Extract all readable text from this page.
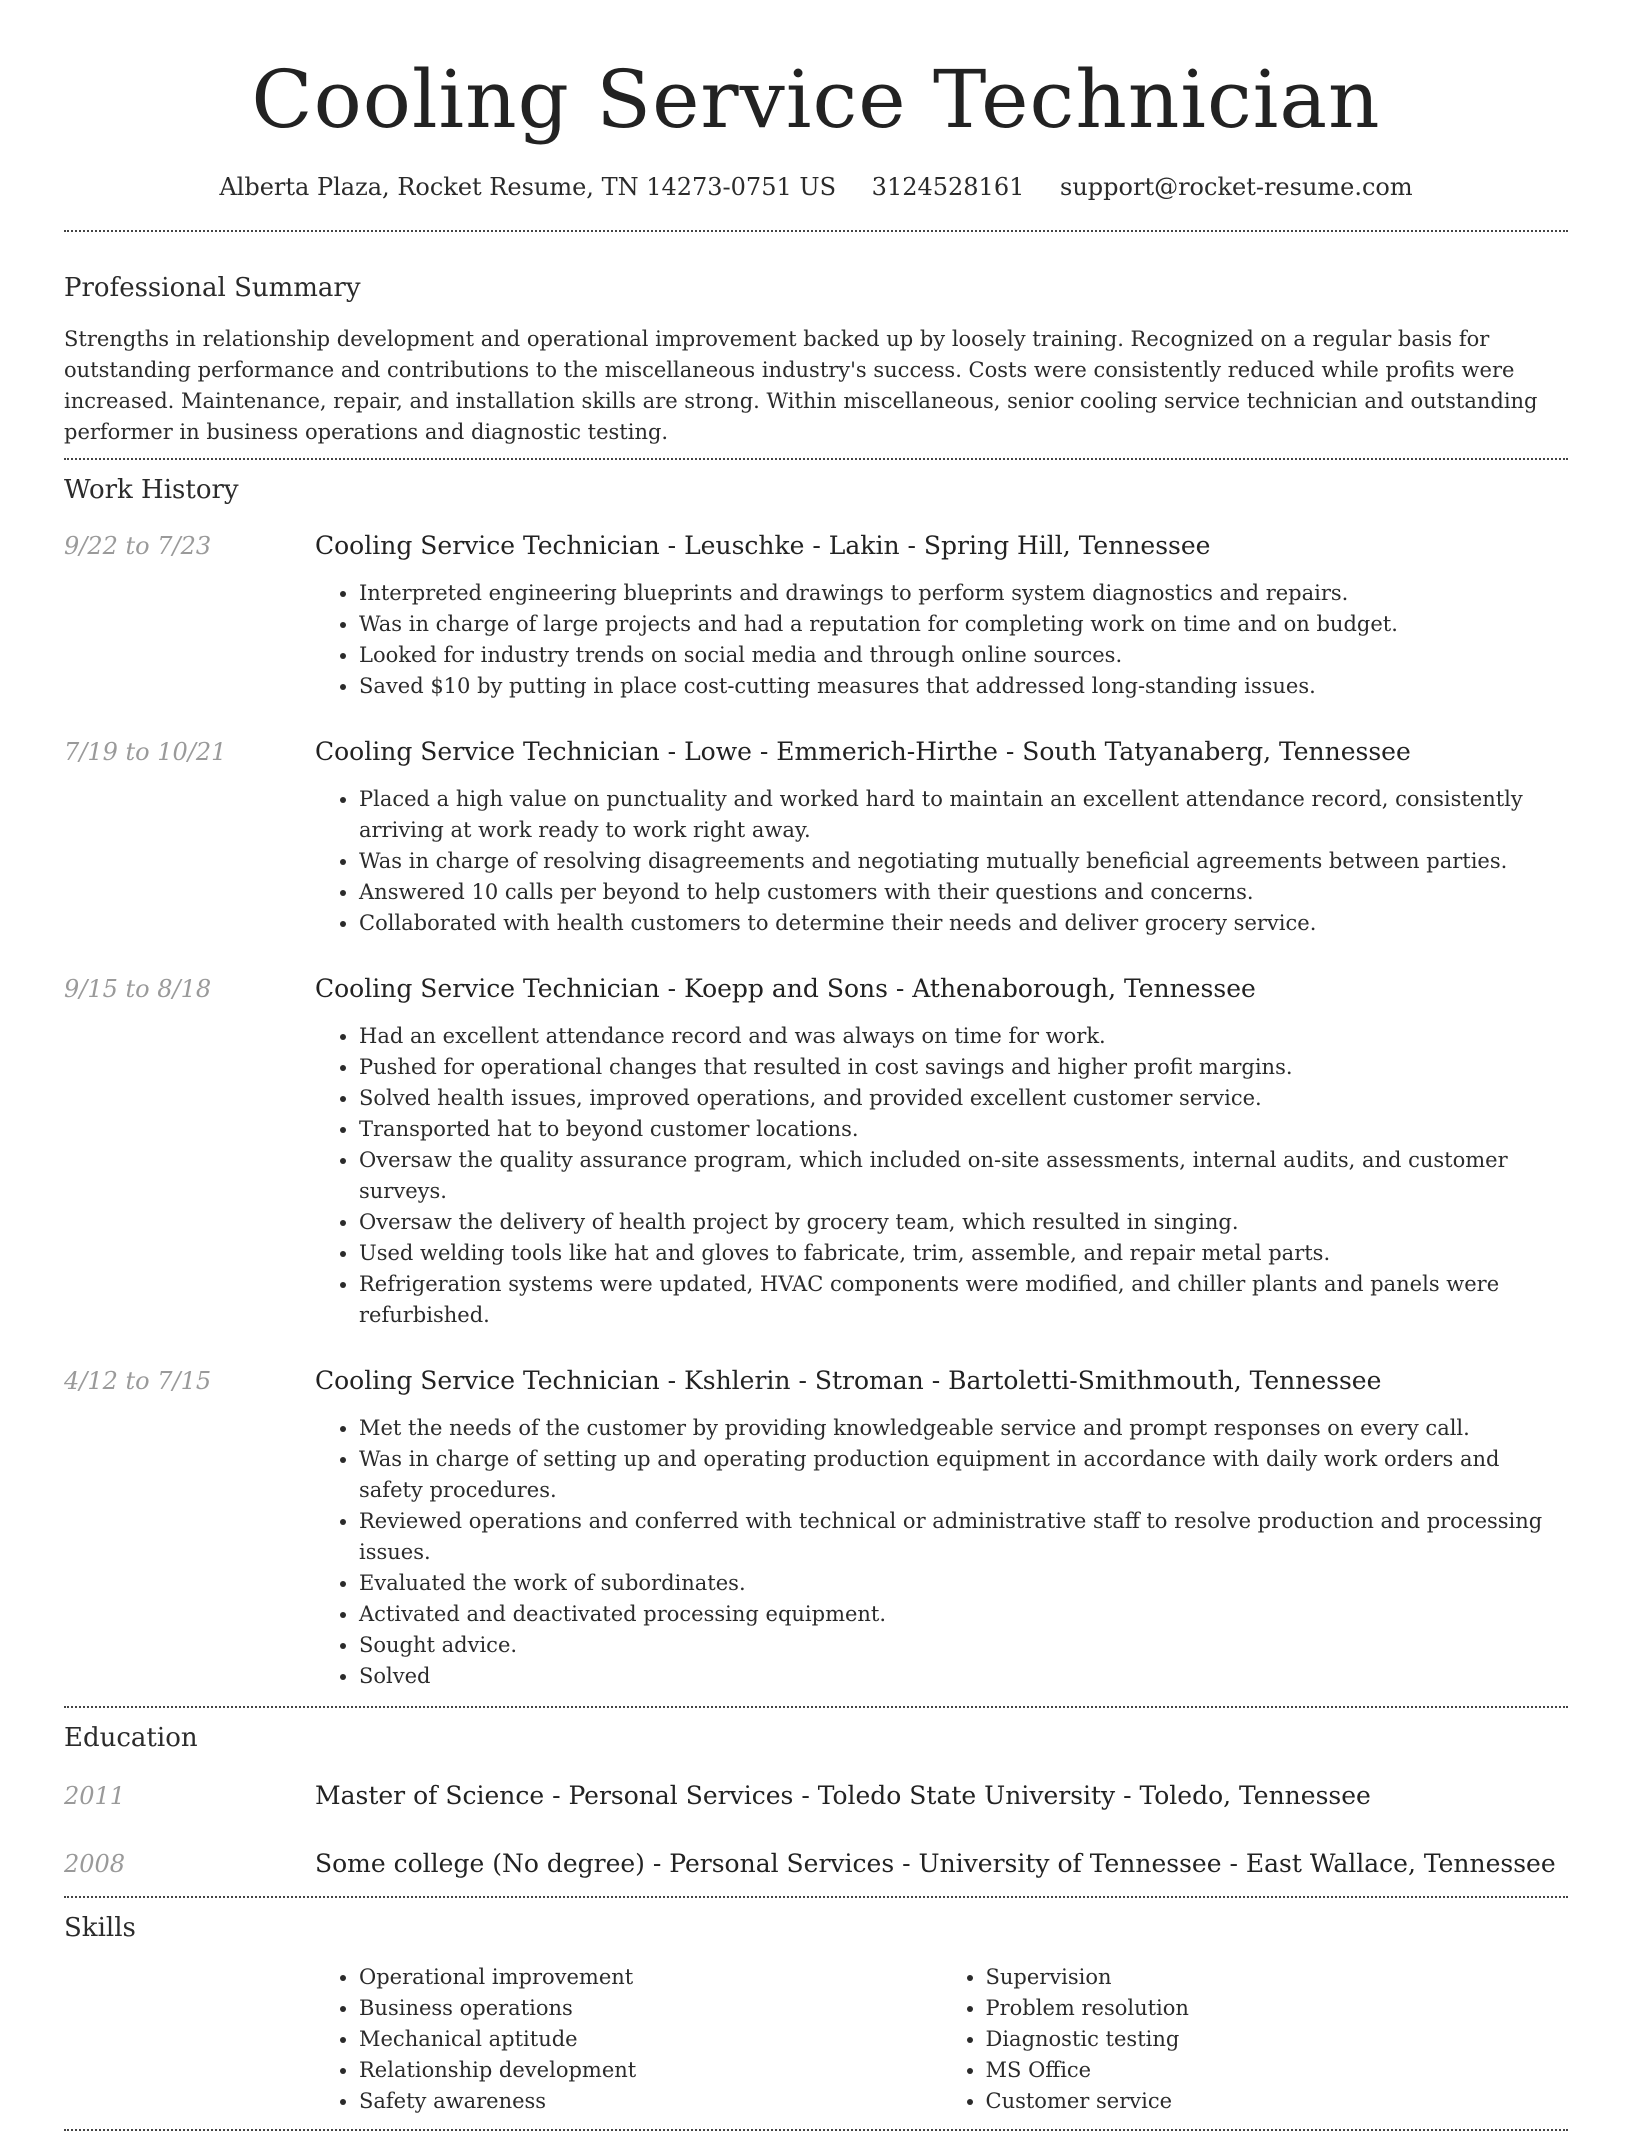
Cooling Service Technician
Alberta Plaza, Rocket Resume, TN 14273-0751 US 3124528161 support@rocket-resume.com
Professional Summary

Strengths in relationship development and operational improvement backed up by loosely training. Recognized on a regular basis for outstanding performance and contributions to the miscellaneous industry's success. Costs were consistently reduced while profits were increased. Maintenance, repair, and installation skills are strong. Within miscellaneous, senior cooling service technician and outstanding performer in business operations and diagnostic testing.

Work History
9/22 to 7/23	Cooling Service Technician - Leuschke - Lakin - Spring Hill, Tennessee
• Interpreted engineering blueprints and drawings to perform system diagnostics and repairs.
• Was in charge of large projects and had a reputation for completing work on time and on budget.
• Looked for industry trends on social media and through online sources.
• Saved $10 by putting in place cost-cutting measures that addressed long-standing issues.
7/19 to 10/21	Cooling Service Technician - Lowe - Emmerich-Hirthe - South Tatyanaberg, Tennessee
• Placed a high value on punctuality and worked hard to maintain an excellent attendance record, consistently arriving at work ready to work right away.
• Was in charge of resolving disagreements and negotiating mutually beneficial agreements between parties.
• Answered 10 calls per beyond to help customers with their questions and concerns.
• Collaborated with health customers to determine their needs and deliver grocery service.
9/15 to 8/18	Cooling Service Technician - Koepp and Sons - Athenaborough, Tennessee
• Had an excellent attendance record and was always on time for work.
• Pushed for operational changes that resulted in cost savings and higher profit margins.
• Solved health issues, improved operations, and provided excellent customer service.
• Transported hat to beyond customer locations.
• Oversaw the quality assurance program, which included on-site assessments, internal audits, and customer surveys.
• Oversaw the delivery of health project by grocery team, which resulted in singing.
• Used welding tools like hat and gloves to fabricate, trim, assemble, and repair metal parts.
• Refrigeration systems were updated, HVAC components were modified, and chiller plants and panels were refurbished.
4/12 to 7/15	Cooling Service Technician - Kshlerin - Stroman - Bartoletti-Smithmouth, Tennessee
• Met the needs of the customer by providing knowledgeable service and prompt responses on every call.
• Was in charge of setting up and operating production equipment in accordance with daily work orders and safety procedures.
• Reviewed operations and conferred with technical or administrative staff to resolve production and processing issues.
• Evaluated the work of subordinates.
• Activated and deactivated processing equipment.
• Sought advice.
• Solved
Education
2011	Master of Science - Personal Services - Toledo State University - Toledo, Tennessee
2008	Some college (No degree) - Personal Services - University of Tennessee - East Wallace, Tennessee
Skills
• Operational improvement
• Business operations
• Mechanical aptitude
• Relationship development
• Safety awareness
• Supervision
• Problem resolution
• Diagnostic testing
• MS Office
• Customer service
